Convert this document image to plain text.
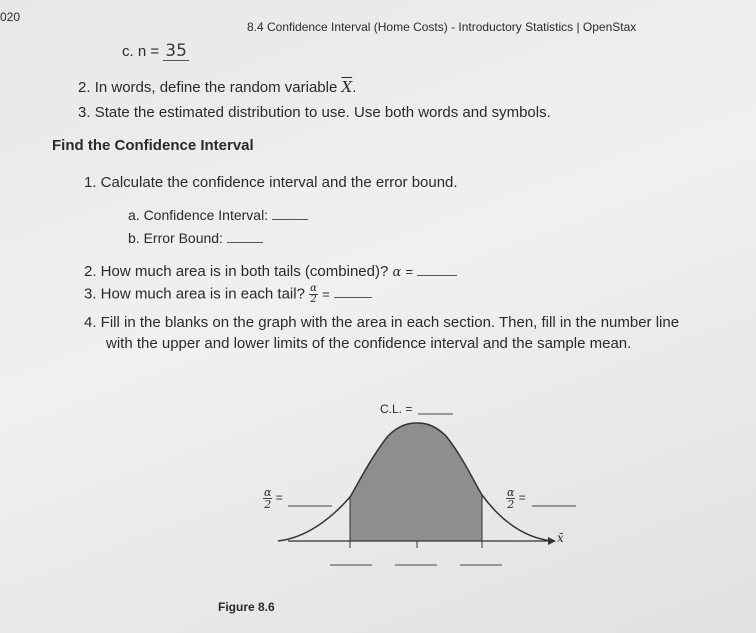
020
8.4 Confidence Interval (Home Costs) - Introductory Statistics | OpenStax
c. n = 35
2. In words, define the random variable $\overline{X}$.
3. State the estimated distribution to use. Use both words and symbols.
Find the Confidence Interval
1. Calculate the confidence interval and the error bound.
a. Confidence Interval:
b. Error Bound:
2. How much area is in both tails (combined)? α =
3. How much area is in each tail? $\frac{\alpha}{2}$ =
4. Fill in the blanks on the graph with the area in each section. Then, fill in the number line
with the upper and lower limits of the confidence interval and the sample mean.
C.L. =
$\frac{\alpha}{2}$ =	$\frac{\alpha}{2}$ =
x̄
Figure 8.6
